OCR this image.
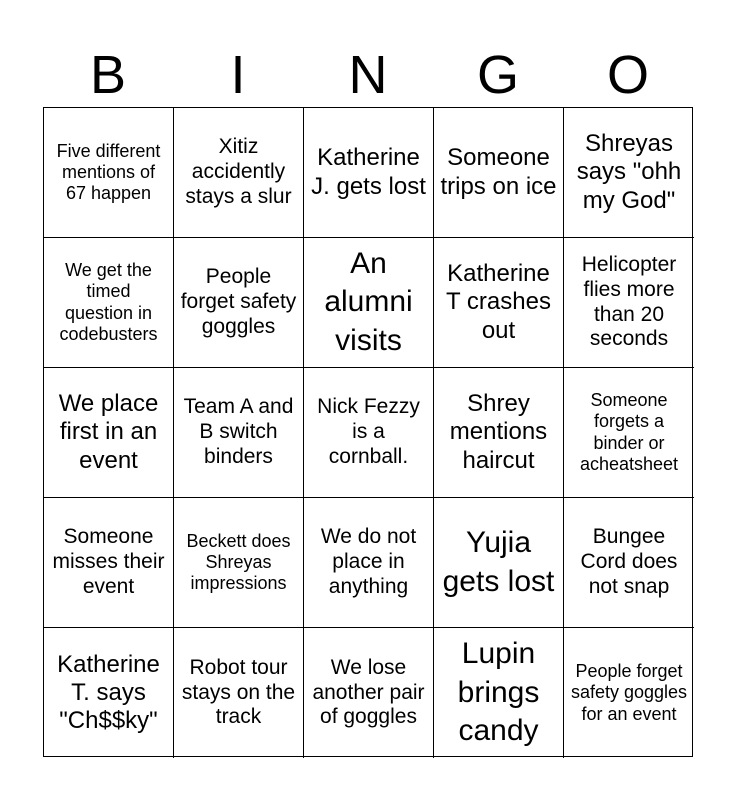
B	I	N	G	O
Five different mentions of 67 happen
Xitiz accidently stays a slur
Katherine J. gets lost
Someone trips on ice
Shreyas says "ohh my God"
We get the timed question in codebusters
People forget safety goggles
An alumni visits
Katherine T crashes out
Helicopter flies more than 20 seconds
We place first in an event
Team A and B switch binders
Nick Fezzy is a cornball.
Shrey mentions haircut
Someone forgets a binder or acheatsheet
Someone misses their event
Beckett does Shreyas impressions
We do not place in anything
Yujia gets lost
Bungee Cord does not snap
Katherine T. says "Ch$$ky"
Robot tour stays on the track
We lose another pair of goggles
Lupin brings candy
People forget safety goggles for an event
